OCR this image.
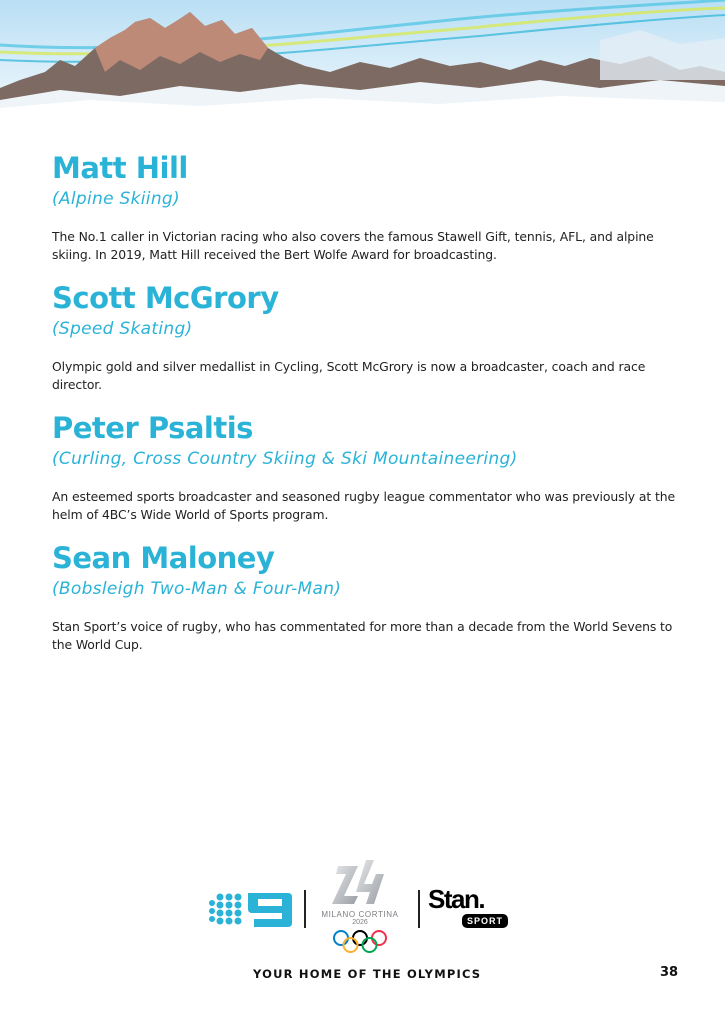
Matt Hill
(Alpine Skiing)

The No.1 caller in Victorian racing who also covers the famous Stawell Gift, tennis, AFL, and alpine skiing. In 2019, Matt Hill received the Bert Wolfe Award for broadcasting.

Scott McGrory
(Speed Skating)

Olympic gold and silver medallist in Cycling, Scott McGrory is now a broadcaster, coach and race director.

Peter Psaltis
(Curling, Cross Country Skiing & Ski Mountaineering)

An esteemed sports broadcaster and seasoned rugby league commentator who was previously at the helm of 4BC’s Wide World of Sports program.

Sean Maloney
(Bobsleigh Two-Man & Four-Man)

Stan Sport’s voice of rugby, who has commentated for more than a decade from the World Sevens to the World Cup.

MILANO CORTINA
2026
Stan.
SPORT
YOUR HOME OF THE OLYMPICS	38
